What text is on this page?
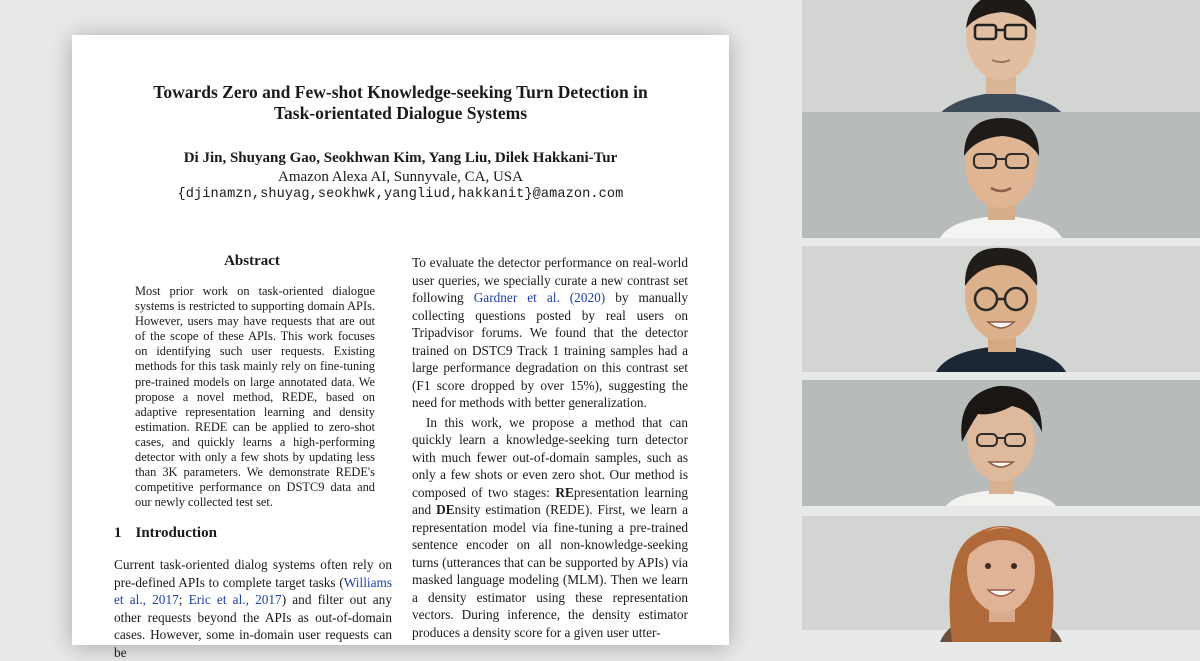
Towards Zero and Few-shot Knowledge-seeking Turn Detection in
Task-orientated Dialogue Systems
Di Jin, Shuyang Gao, Seokhwan Kim, Yang Liu, Dilek Hakkani-Tur
Amazon Alexa AI, Sunnyvale, CA, USA
{djinamzn,shuyag,seokhwk,yangliud,hakkanit}@amazon.com
Abstract
Most prior work on task-oriented dialogue systems is restricted to supporting domain APIs. However, users may have requests that are out of the scope of these APIs. This work focuses on identifying such user requests. Existing methods for this task mainly rely on fine-tuning pre-trained models on large annotated data. We propose a novel method, REDE, based on adaptive representation learning and density estimation. REDE can be applied to zero-shot cases, and quickly learns a high-performing detector with only a few shots by updating less than 3K parameters. We demonstrate REDE's competitive performance on DSTC9 data and our newly collected test set.
1 Introduction
Current task-oriented dialog systems often rely on pre-defined APIs to complete target tasks (Williams et al., 2017; Eric et al., 2017) and filter out any other requests beyond the APIs as out-of-domain cases. However, some in-domain user requests can be

To evaluate the detector performance on real-world user queries, we specially curate a new contrast set following Gardner et al. (2020) by manually collecting questions posted by real users on Tripadvisor forums. We found that the detector trained on DSTC9 Track 1 training samples had a large performance degradation on this contrast set (F1 score dropped by over 15%), suggesting the need for methods with better generalization.

In this work, we propose a method that can quickly learn a knowledge-seeking turn detector with much fewer out-of-domain samples, such as only a few shots or even zero shot. Our method is composed of two stages: REpresentation learning and DEnsity estimation (REDE). First, we learn a representation model via fine-tuning a pre-trained sentence encoder on all non-knowledge-seeking turns (utterances that can be supported by APIs) via masked language modeling (MLM). Then we learn a density estimator using these representation vectors. During inference, the density estimator produces a density score for a given user utter-
